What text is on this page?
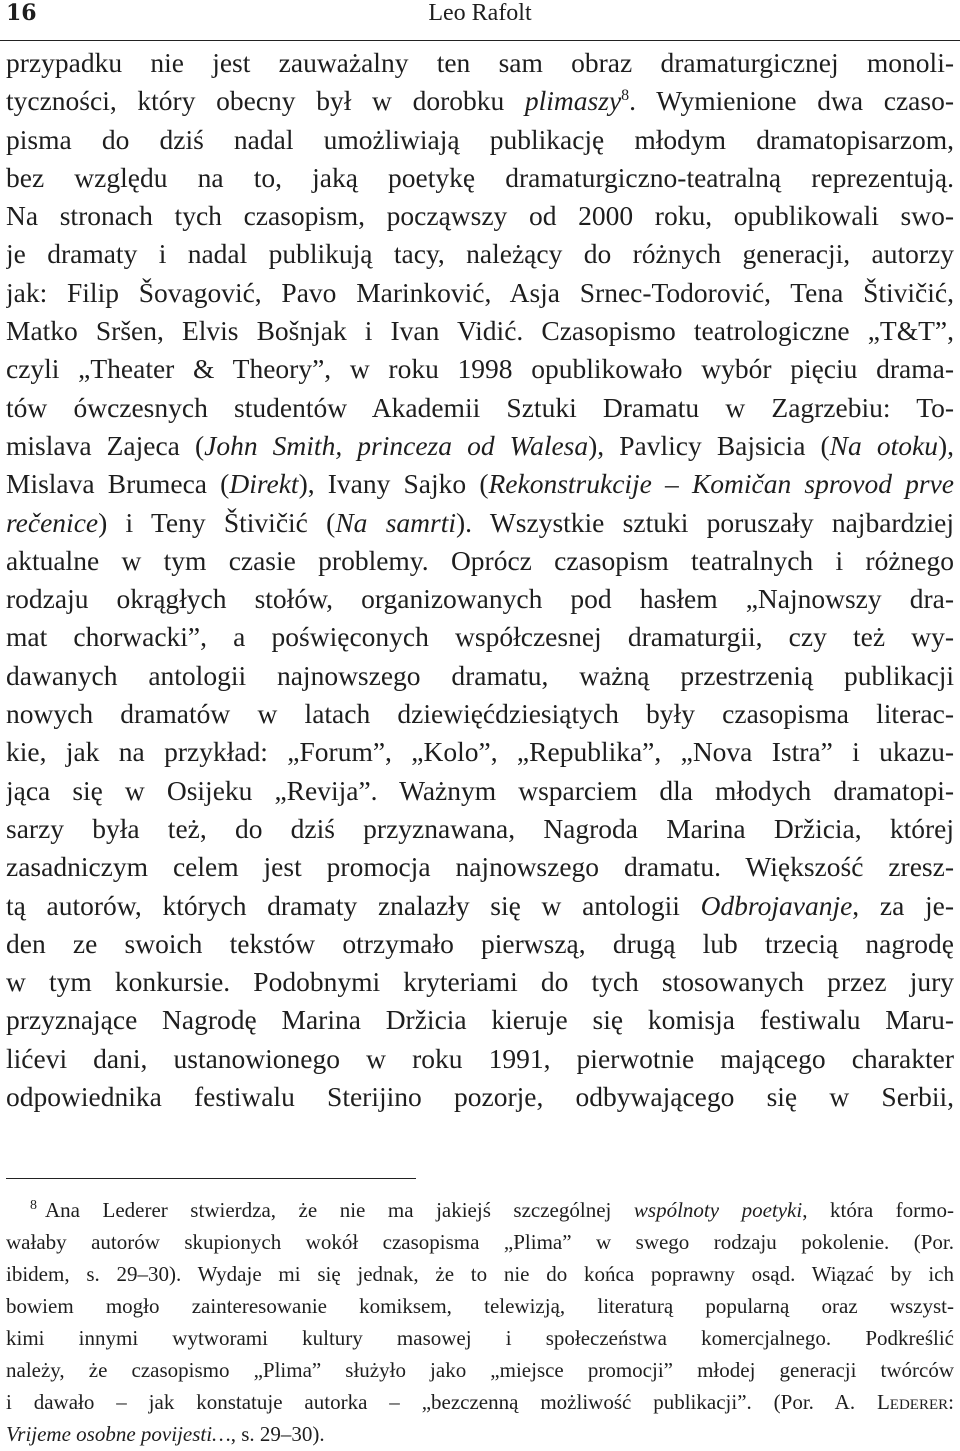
16	Leo Rafolt
przypadku nie jest zauważalny ten sam obraz dramaturgicznej monoli-
tyczności, który obecny był w dorobku plimaszy$^8$. Wymienione dwa czaso-
pisma do dziś nadal umożliwiają publikację młodym dramatopisarzom,
bez względu na to, jaką poetykę dramaturgiczno-teatralną reprezentują.
Na stronach tych czasopism, począwszy od 2000 roku, opublikowali swo-
je dramaty i nadal publikują tacy, należący do różnych generacji, autorzy
jak: Filip Šovagović, Pavo Marinković, Asja Srnec-Todorović, Tena Štivičić,
Matko Sršen, Elvis Bošnjak i Ivan Vidić. Czasopismo teatrologiczne „T&T”,
czyli „Theater & Theory”, w roku 1998 opublikowało wybór pięciu drama-
tów ówczesnych studentów Akademii Sztuki Dramatu w Zagrzebiu: To-
mislava Zajeca (John Smith, princeza od Walesa), Pavlicy Bajsicia (Na otoku),
Mislava Brumeca (Direkt), Ivany Sajko (Rekonstrukcije – Komičan sprovod prve
rečenice) i Teny Štivičić (Na samrti). Wszystkie sztuki poruszały najbardziej
aktualne w tym czasie problemy. Oprócz czasopism teatralnych i różnego
rodzaju okrągłych stołów, organizowanych pod hasłem „Najnowszy dra-
mat chorwacki”, a poświęconych współczesnej dramaturgii, czy też wy-
dawanych antologii najnowszego dramatu, ważną przestrzenią publikacji
nowych dramatów w latach dziewięćdziesiątych były czasopisma literac-
kie, jak na przykład: „Forum”, „Kolo”, „Republika”, „Nova Istra” i ukazu-
jąca się w Osijeku „Revija”. Ważnym wsparciem dla młodych dramatopi-
sarzy była też, do dziś przyznawana, Nagroda Marina Držicia, której
zasadniczym celem jest promocja najnowszego dramatu. Większość zresz-
tą autorów, których dramaty znalazły się w antologii Odbrojavanje, za je-
den ze swoich tekstów otrzymało pierwszą, drugą lub trzecią nagrodę
w tym konkursie. Podobnymi kryteriami do tych stosowanych przez jury
przyznające Nagrodę Marina Držicia kieruje się komisja festiwalu Maru-
lićevi dani, ustanowionego w roku 1991, pierwotnie mającego charakter
odpowiednika festiwalu Sterijino pozorje, odbywającego się w Serbii,
$^8$ Ana Lederer stwierdza, że nie ma jakiejś szczególnej wspólnoty poetyki, która formo-
wałaby autorów skupionych wokół czasopisma „Plima” w swego rodzaju pokolenie. (Por.
ibidem, s. 29–30). Wydaje mi się jednak, że to nie do końca poprawny osąd. Wiązać by ich
bowiem mogło zainteresowanie komiksem, telewizją, literaturą popularną oraz wszyst-
kimi innymi wytworami kultury masowej i społeczeństwa komercjalnego. Podkreślić
należy, że czasopismo „Plima” służyło jako „miejsce promocji” młodej generacji twórców
i dawało – jak konstatuje autorka – „bezczenną możliwość publikacji”. (Por. A. Lederer:
Vrijeme osobne povijesti…, s. 29–30).
